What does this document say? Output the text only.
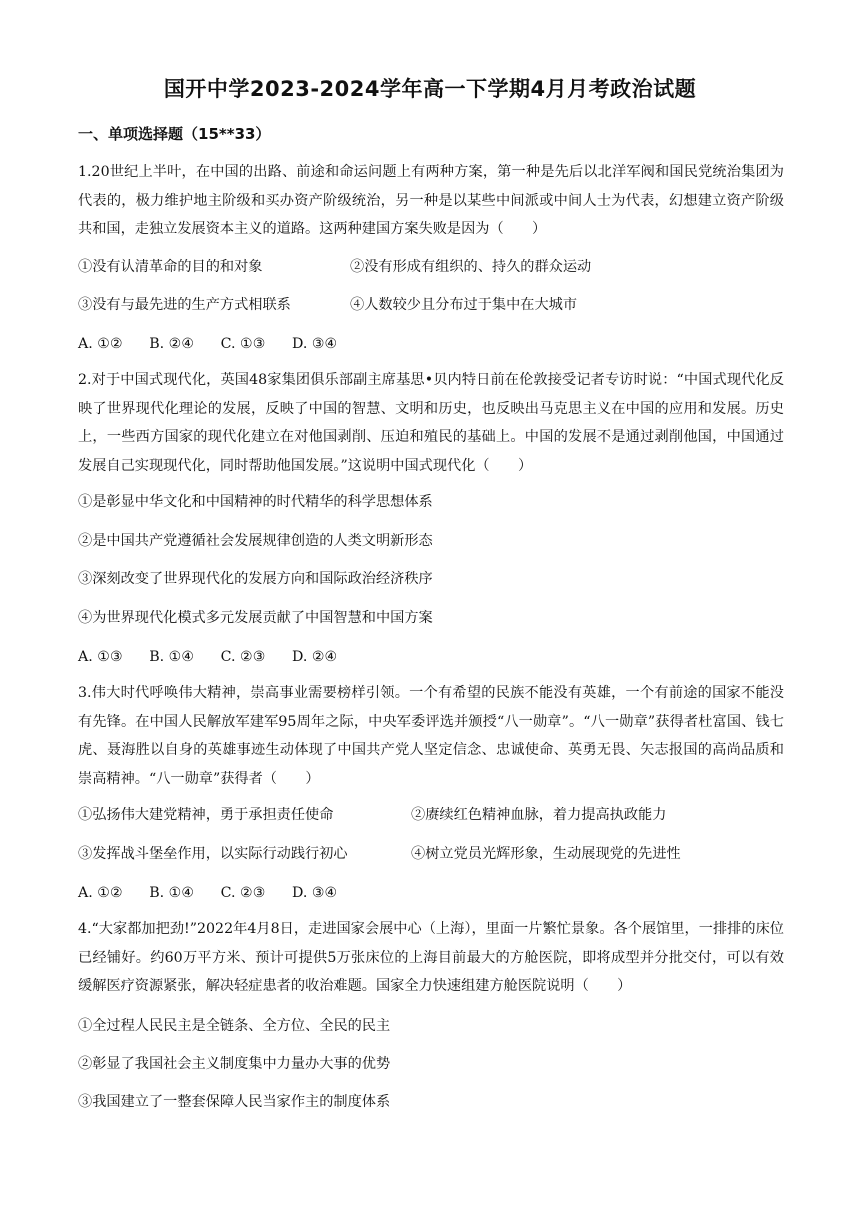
国开中学2023-2024学年高一下学期4月月考政治试题
一、单项选择题（15**33）
1.20世纪上半叶，在中国的出路、前途和命运问题上有两种方案，第一种是先后以北洋军阀和国民党统治集团为代表的，极力维护地主阶级和买办资产阶级统治，另一种是以某些中间派或中间人士为代表，幻想建立资产阶级共和国，走独立发展资本主义的道路。这两种建国方案失败是因为（　　）
①没有认清革命的目的和对象	②没有形成有组织的、持久的群众运动
③没有与最先进的生产方式相联系	④人数较少且分布过于集中在大城市
A. ①② B. ②④ C. ①③ D. ③④
2.对于中国式现代化，英国48家集团俱乐部副主席基思•贝内特日前在伦敦接受记者专访时说：“中国式现代化反映了世界现代化理论的发展，反映了中国的智慧、文明和历史，也反映出马克思主义在中国的应用和发展。历史上，一些西方国家的现代化建立在对他国剥削、压迫和殖民的基础上。中国的发展不是通过剥削他国，中国通过发展自己实现现代化，同时帮助他国发展。”这说明中国式现代化（　　）
①是彰显中华文化和中国精神的时代精华的科学思想体系
②是中国共产党遵循社会发展规律创造的人类文明新形态
③深刻改变了世界现代化的发展方向和国际政治经济秩序
④为世界现代化模式多元发展贡献了中国智慧和中国方案
A. ①③ B. ①④ C. ②③ D. ②④
3.伟大时代呼唤伟大精神，崇高事业需要榜样引领。一个有希望的民族不能没有英雄，一个有前途的国家不能没有先锋。在中国人民解放军建军95周年之际，中央军委评选并颁授“八一勋章”。“八一勋章”获得者杜富国、钱七虎、聂海胜以自身的英雄事迹生动体现了中国共产党人坚定信念、忠诚使命、英勇无畏、矢志报国的高尚品质和崇高精神。“八一勋章”获得者（　　）
①弘扬伟大建党精神，勇于承担责任使命	②赓续红色精神血脉，着力提高执政能力
③发挥战斗堡垒作用，以实际行动践行初心	④树立党员光辉形象，生动展现党的先进性
A. ①② B. ①④ C. ②③ D. ③④
4.“大家都加把劲!”2022年4月8日，走进国家会展中心（上海），里面一片繁忙景象。各个展馆里，一排排的床位已经铺好。约60万平方米、预计可提供5万张床位的上海目前最大的方舱医院，即将成型并分批交付，可以有效缓解医疗资源紧张，解决轻症患者的收治难题。国家全力快速组建方舱医院说明（　　）
①全过程人民民主是全链条、全方位、全民的民主
②彰显了我国社会主义制度集中力量办大事的优势
③我国建立了一整套保障人民当家作主的制度体系
